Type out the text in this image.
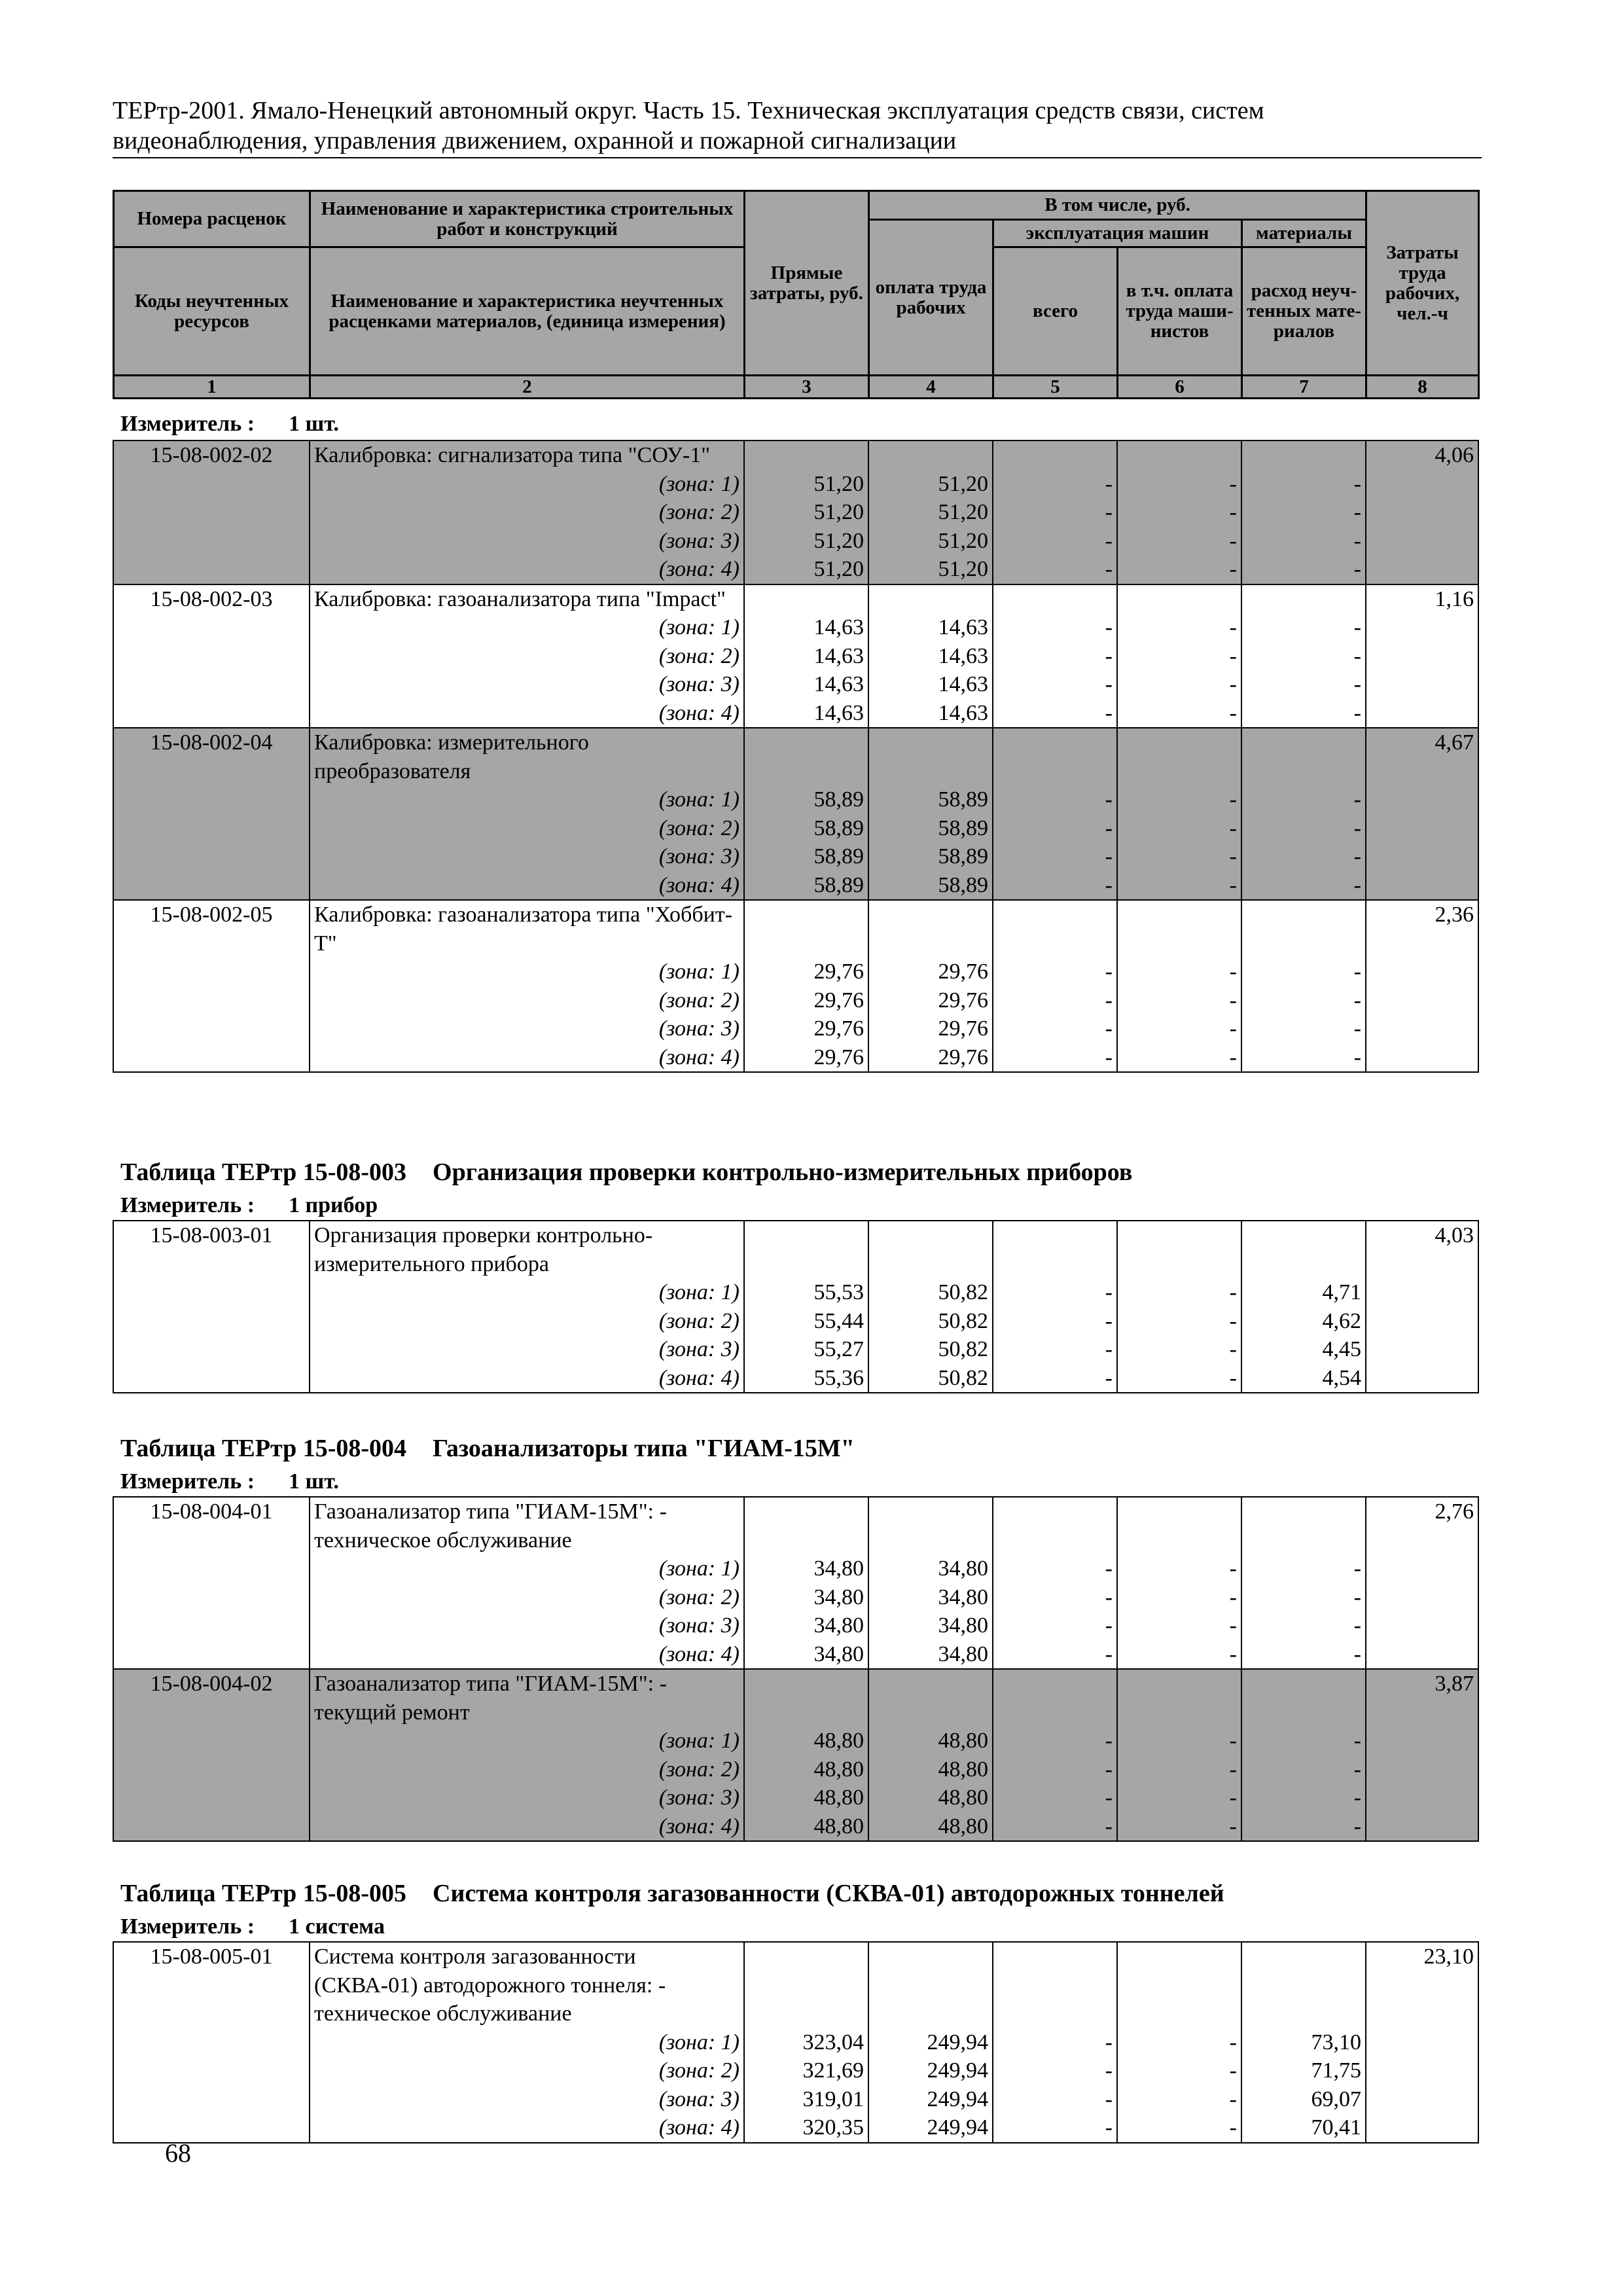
ТЕРтр-2001. Ямало-Ненецкий автономный округ. Часть 15. Техническая эксплуатация средств связи, систем
видеонаблюдения, управления движением, охранной и пожарной сигнализации
Номера расценок	Наименование и характеристика строительных работ и конструкций	Прямые затраты, руб.	В том числе, руб.				Затраты труда рабочих, чел.-ч
			оплата труда рабочих	эксплуатация машин		материалы	
Коды неучтенных ресурсов	Наименование и характеристика неучтенных расценками материалов, (единица измерения)			всего	в т.ч. оплата труда маши-нистов	расход неуч-тенных мате-риалов	
1	2	3	4	5	6	7	8
Измеритель : 1 шт.
15-08-002-02	Калибровка: сигнализатора типа "СОУ-1"						4,06
	(зона: 1)	51,20	51,20	-	-	-	
	(зона: 2)	51,20	51,20	-	-	-	
	(зона: 3)	51,20	51,20	-	-	-	
	(зона: 4)	51,20	51,20	-	-	-	
15-08-002-03	Калибровка: газоанализатора типа "Impact"						1,16
	(зона: 1)	14,63	14,63	-	-	-	
	(зона: 2)	14,63	14,63	-	-	-	
	(зона: 3)	14,63	14,63	-	-	-	
	(зона: 4)	14,63	14,63	-	-	-	
15-08-002-04	Калибровка: измерительного преобразователя						4,67
	(зона: 1)	58,89	58,89	-	-	-	
	(зона: 2)	58,89	58,89	-	-	-	
	(зона: 3)	58,89	58,89	-	-	-	
	(зона: 4)	58,89	58,89	-	-	-	
15-08-002-05	Калибровка: газоанализатора типа "Хоббит-Т"						2,36
	(зона: 1)	29,76	29,76	-	-	-	
	(зона: 2)	29,76	29,76	-	-	-	
	(зона: 3)	29,76	29,76	-	-	-	
	(зона: 4)	29,76	29,76	-	-	-	
Таблица ТЕРтр 15-08-003 Организация проверки контрольно-измерительных приборов
Измеритель : 1 прибор
15-08-003-01	Организация проверки контрольно-измерительного прибора						4,03
	(зона: 1)	55,53	50,82	-	-	4,71	
	(зона: 2)	55,44	50,82	-	-	4,62	
	(зона: 3)	55,27	50,82	-	-	4,45	
	(зона: 4)	55,36	50,82	-	-	4,54	
Таблица ТЕРтр 15-08-004 Газоанализаторы типа "ГИАМ-15М"
Измеритель : 1 шт.
15-08-004-01	Газоанализатор типа "ГИАМ-15М": - техническое обслуживание						2,76
	(зона: 1)	34,80	34,80	-	-	-	
	(зона: 2)	34,80	34,80	-	-	-	
	(зона: 3)	34,80	34,80	-	-	-	
	(зона: 4)	34,80	34,80	-	-	-	
15-08-004-02	Газоанализатор типа "ГИАМ-15М": - текущий ремонт						3,87
	(зона: 1)	48,80	48,80	-	-	-	
	(зона: 2)	48,80	48,80	-	-	-	
	(зона: 3)	48,80	48,80	-	-	-	
	(зона: 4)	48,80	48,80	-	-	-	
Таблица ТЕРтр 15-08-005 Система контроля загазованности (СКВА-01) автодорожных тоннелей
Измеритель : 1 система
15-08-005-01	Система контроля загазованности (СКВА-01) автодорожного тоннеля: - техническое обслуживание						23,10
	(зона: 1)	323,04	249,94	-	-	73,10	
	(зона: 2)	321,69	249,94	-	-	71,75	
	(зона: 3)	319,01	249,94	-	-	69,07	
	(зона: 4)	320,35	249,94	-	-	70,41	
68
